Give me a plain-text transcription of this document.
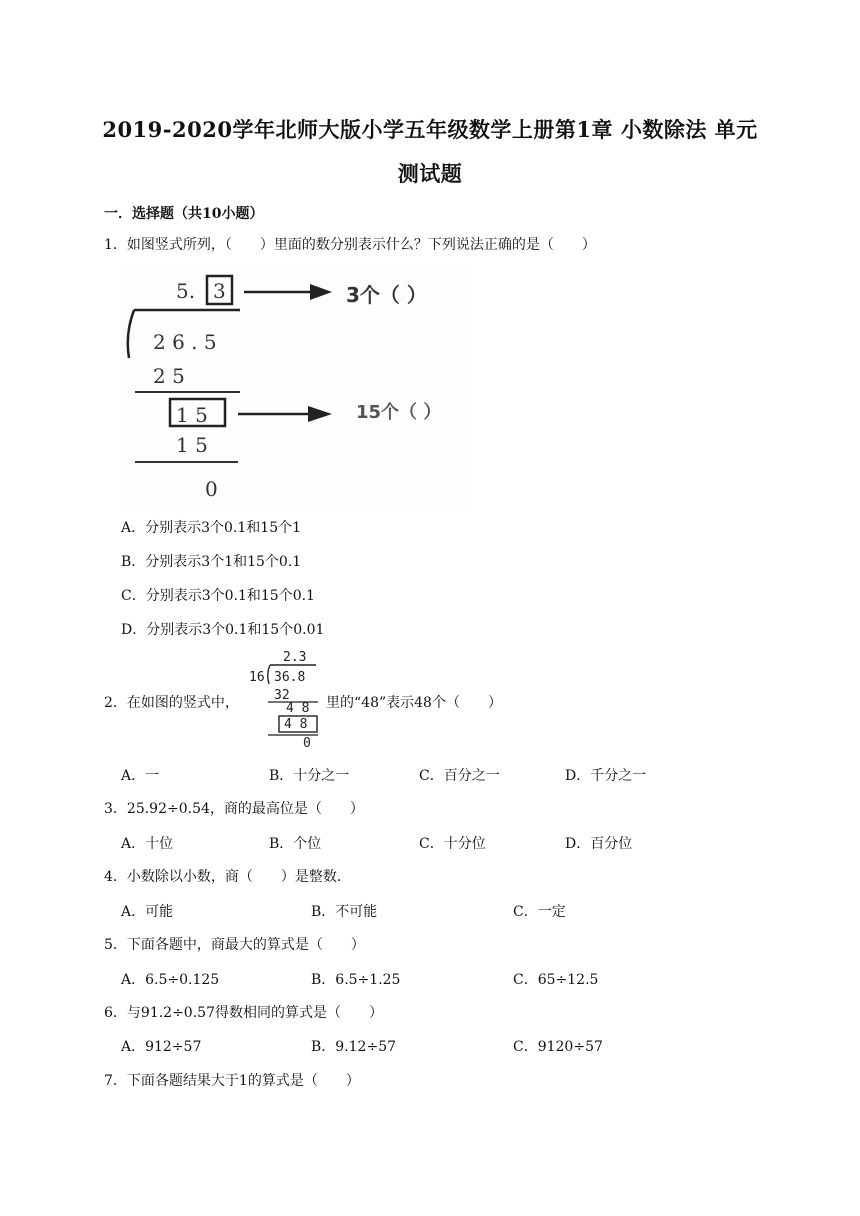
2019-2020学年北师大版小学五年级数学上册第1章 小数除法 单元
测试题
一．选择题（共10小题）
1．如图竖式所列，（　　）里面的数分别表示什么？下列说法正确的是（　　）
5. 3
2 6 . 5
2 5
1 5
1 5
0
3个（ ）
15个（ ）
A．分别表示3个0.1和15个1
B．分别表示3个1和15个0.1
C．分别表示3个0.1和15个0.1
D．分别表示3个0.1和15个0.01
2．在如图的竖式中，
2.3
16 36.8
32
4 8
4 8
0
里的“48”表示48个（　　）
A．一	B．十分之一	C．百分之一	D．千分之一
3．25.92÷0.54，商的最高位是（　　）
A．十位	B．个位	C．十分位	D．百分位
4．小数除以小数，商（　　）是整数．
A．可能	B．不可能	C．一定
5．下面各题中，商最大的算式是（　　）
A．6.5÷0.125	B．6.5÷1.25	C．65÷12.5
6．与91.2÷0.57得数相同的算式是（　　）
A．912÷57	B．9.12÷57	C．9120÷57
7．下面各题结果大于1的算式是（　　）
